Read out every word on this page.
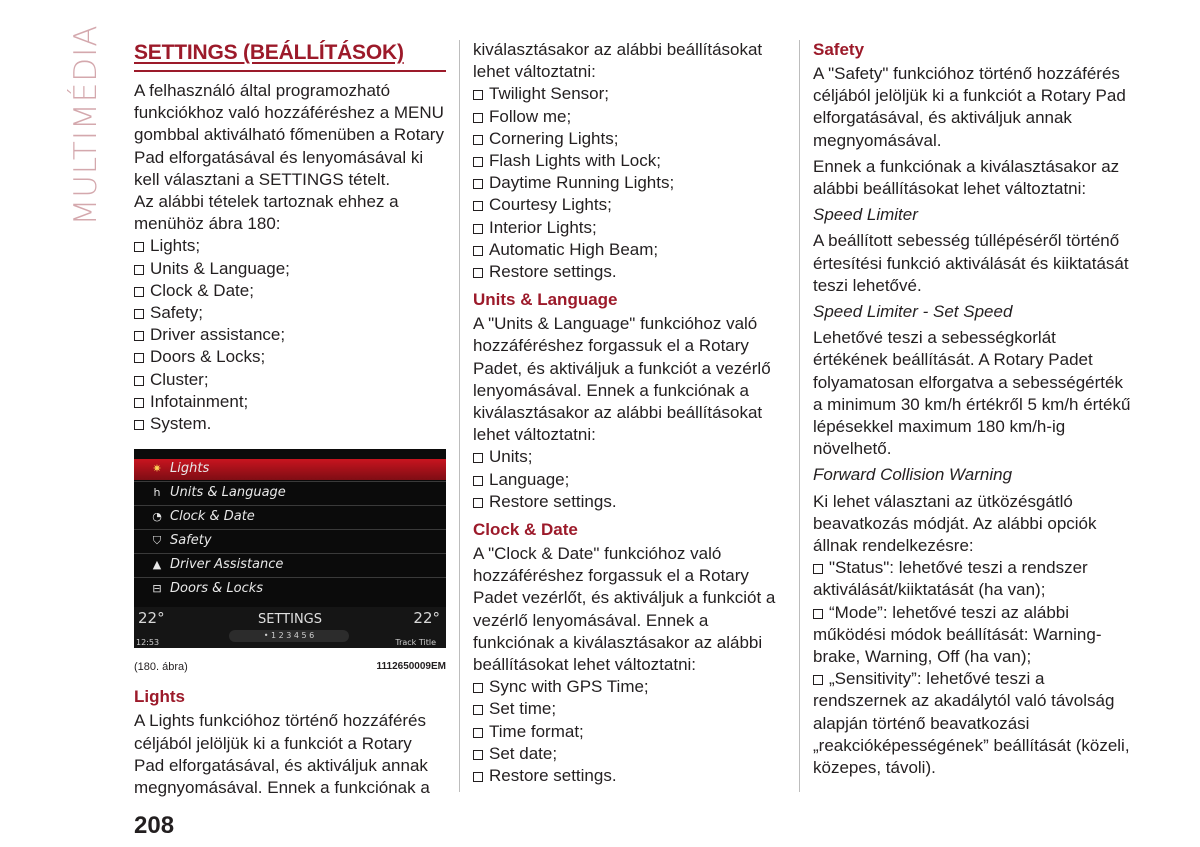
MULTIMÉDIA SETTINGS (BEÁLLÍTÁSOK)

A felhasználó által programozható funkciókhoz való hozzáféréshez a MENU gombbal aktiválható főmenüben a Rotary Pad elforgatásával és lenyomásával ki kell választani a SETTINGS tételt.

Az alábbi tételek tartoznak ehhez a menühöz ábra 180:

Lights;
Units & Language;
Clock & Date;
Safety;
Driver assistance;
Doors & Locks;
Cluster;
Infotainment;
System.
✷ Lights
h Units & Language
◔ Clock & Date
⛉ Safety
▲ Driver Assistance
⊟ Doors & Locks
22°	22°
SETTINGS
12:53
• 1 2 3 4 5 6
Track Title
(180. ábra)	1112650009EM
Lights

A Lights funkcióhoz történő hozzáférés céljából jelöljük ki a funkciót a Rotary Pad elforgatásával, és aktiváljuk annak megnyomásával. Ennek a funkciónak a

kiválasztásakor az alábbi beállításokat lehet változtatni:

Twilight Sensor;
Follow me;
Cornering Lights;
Flash Lights with Lock;
Daytime Running Lights;
Courtesy Lights;
Interior Lights;
Automatic High Beam;
Restore settings.
Units & Language

A "Units & Language" funkcióhoz való hozzáféréshez forgassuk el a Rotary Padet, és aktiváljuk a funkciót a vezérlő lenyomásával. Ennek a funkciónak a kiválasztásakor az alábbi beállításokat lehet változtatni:

Units;
Language;
Restore settings.
Clock & Date

A "Clock & Date" funkcióhoz való hozzáféréshez forgassuk el a Rotary Padet vezérlőt, és aktiváljuk a funkciót a vezérlő lenyomásával. Ennek a funkciónak a kiválasztásakor az alábbi beállításokat lehet változtatni:

Sync with GPS Time;
Set time;
Time format;
Set date;
Restore settings.
Safety

A "Safety" funkcióhoz történő hozzáférés céljából jelöljük ki a funkciót a Rotary Pad elforgatásával, és aktiváljuk annak megnyomásával.

Ennek a funkciónak a kiválasztásakor az alábbi beállításokat lehet változtatni:

Speed Limiter

A beállított sebesség túllépéséről történő értesítési funkció aktiválását és kiiktatását teszi lehetővé.

Speed Limiter - Set Speed

Lehetővé teszi a sebességkorlát értékének beállítását. A Rotary Padet folyamatosan elforgatva a sebességérték a minimum 30 km/h értékről 5 km/h értékű lépésekkel maximum 180 km/h-ig növelhető.

Forward Collision Warning

Ki lehet választani az ütközésgátló beavatkozás módját. Az alábbi opciók állnak rendelkezésre:

"Status": lehetővé teszi a rendszer aktiválását/kiiktatását (ha van);

“Mode”: lehetővé teszi az alábbi működési módok beállítását: Warning-brake, Warning, Off (ha van);

„Sensitivity”: lehetővé teszi a rendszernek az akadálytól való távolság alapján történő beavatkozási „reakcióképességének” beállítását (közeli, közepes, távoli).

208
